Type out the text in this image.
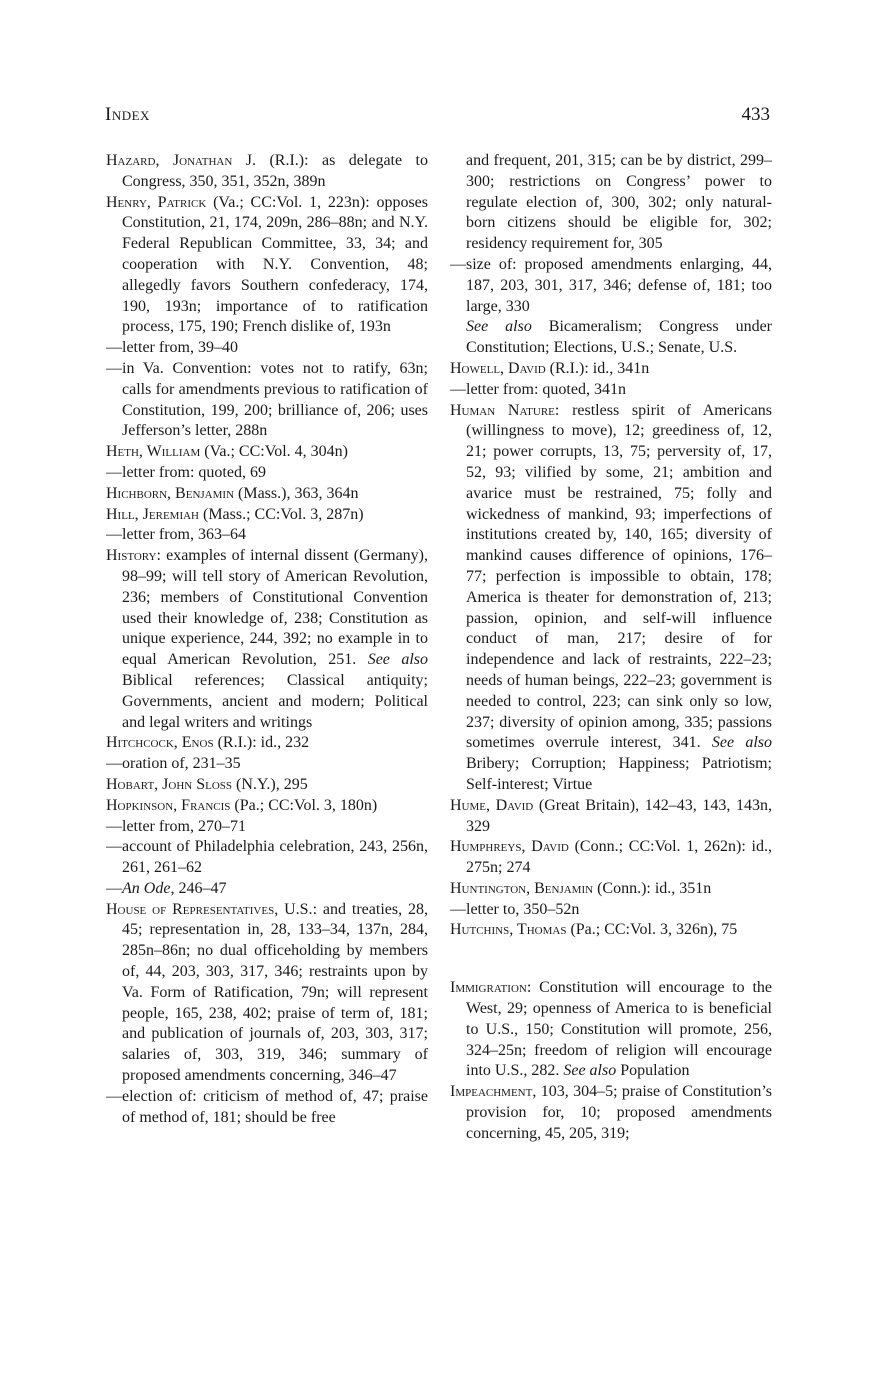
Index	433

Hazard, Jonathan J. (R.I.): as delegate to Congress, 350, 351, 352n, 389n

Henry, Patrick (Va.; CC:Vol. 1, 223n): opposes Constitution, 21, 174, 209n, 286–88n; and N.Y. Federal Republican Committee, 33, 34; and cooperation with N.Y. Convention, 48; allegedly favors Southern confederacy, 174, 190, 193n; importance of to ratification process, 175, 190; French dislike of, 193n

—letter from, 39–40

—in Va. Convention: votes not to ratify, 63n; calls for amendments previous to ratification of Constitution, 199, 200; brilliance of, 206; uses Jefferson’s letter, 288n

Heth, William (Va.; CC:Vol. 4, 304n)

—letter from: quoted, 69

Hichborn, Benjamin (Mass.), 363, 364n

Hill, Jeremiah (Mass.; CC:Vol. 3, 287n)

—letter from, 363–64

History: examples of internal dissent (Germany), 98–99; will tell story of American Revolution, 236; members of Constitutional Convention used their knowledge of, 238; Constitution as unique experience, 244, 392; no example in to equal American Revolution, 251. See also Biblical references; Classical antiquity; Governments, ancient and modern; Political and legal writers and writings

Hitchcock, Enos (R.I.): id., 232

—oration of, 231–35

Hobart, John Sloss (N.Y.), 295

Hopkinson, Francis (Pa.; CC:Vol. 3, 180n)

—letter from, 270–71

—account of Philadelphia celebration, 243, 256n, 261, 261–62

—An Ode, 246–47

House of Representatives, U.S.: and treaties, 28, 45; representation in, 28, 133–34, 137n, 284, 285n–86n; no dual officeholding by members of, 44, 203, 303, 317, 346; restraints upon by Va. Form of Ratification, 79n; will represent people, 165, 238, 402; praise of term of, 181; and publication of journals of, 203, 303, 317; salaries of, 303, 319, 346; summary of proposed amendments concerning, 346–47

—election of: criticism of method of, 47; praise of method of, 181; should be free

and frequent, 201, 315; can be by district, 299–300; restrictions on Congress’ power to regulate election of, 300, 302; only natural-born citizens should be eligible for, 302; residency requirement for, 305

—size of: proposed amendments enlarging, 44, 187, 203, 301, 317, 346; defense of, 181; too large, 330

See also Bicameralism; Congress under Constitution; Elections, U.S.; Senate, U.S.

Howell, David (R.I.): id., 341n

—letter from: quoted, 341n

Human Nature: restless spirit of Americans (willingness to move), 12; greediness of, 12, 21; power corrupts, 13, 75; perversity of, 17, 52, 93; vilified by some, 21; ambition and avarice must be restrained, 75; folly and wickedness of mankind, 93; imperfections of institutions created by, 140, 165; diversity of mankind causes difference of opinions, 176–77; perfection is impossible to obtain, 178; America is theater for demonstration of, 213; passion, opinion, and self-will influence conduct of man, 217; desire of for independence and lack of restraints, 222–23; needs of human beings, 222–23; government is needed to control, 223; can sink only so low, 237; diversity of opinion among, 335; passions sometimes overrule interest, 341. See also Bribery; Corruption; Happiness; Patriotism; Self-interest; Virtue

Hume, David (Great Britain), 142–43, 143, 143n, 329

Humphreys, David (Conn.; CC:Vol. 1, 262n): id., 275n; 274

Huntington, Benjamin (Conn.): id., 351n

—letter to, 350–52n

Hutchins, Thomas (Pa.; CC:Vol. 3, 326n), 75

Immigration: Constitution will encourage to the West, 29; openness of America to is beneficial to U.S., 150; Constitution will promote, 256, 324–25n; freedom of religion will encourage into U.S., 282. See also Population

Impeachment, 103, 304–5; praise of Constitution’s provision for, 10; proposed amendments concerning, 45, 205, 319;
